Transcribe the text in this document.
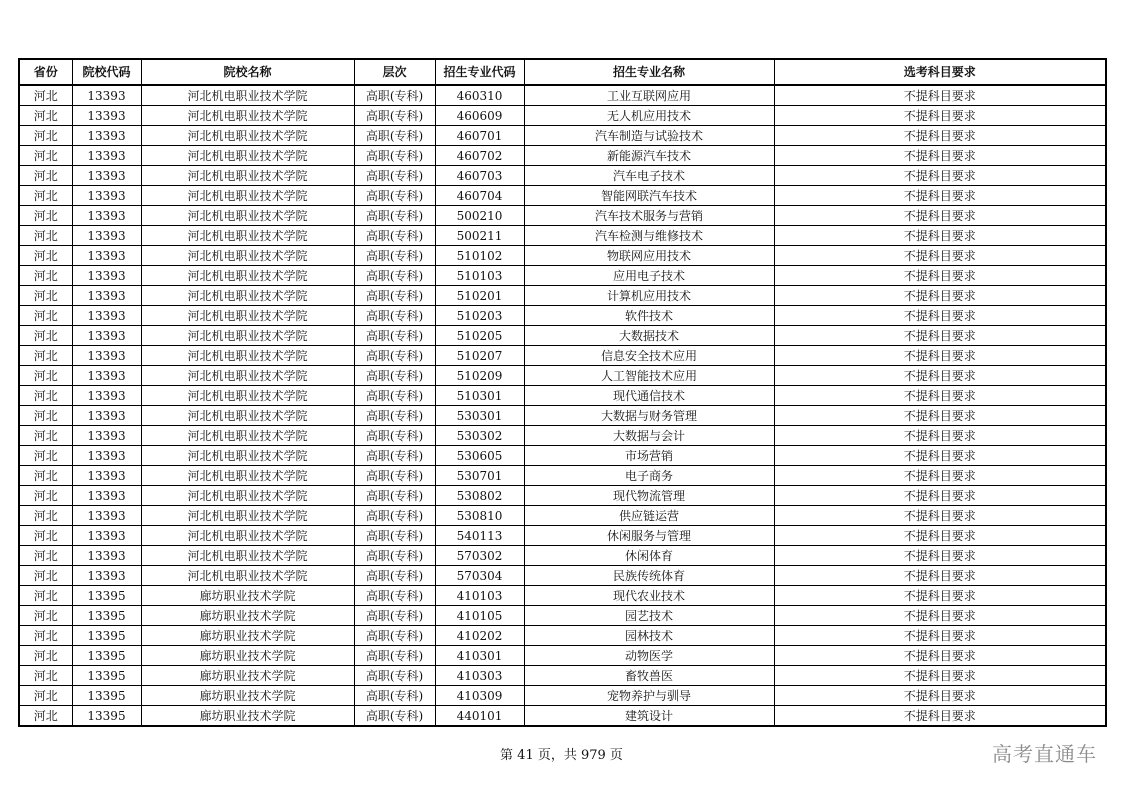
省份	院校代码	院校名称	层次	招生专业代码	招生专业名称	选考科目要求
河北	13393	河北机电职业技术学院	高职(专科)	460310	工业互联网应用	不提科目要求
河北	13393	河北机电职业技术学院	高职(专科)	460609	无人机应用技术	不提科目要求
河北	13393	河北机电职业技术学院	高职(专科)	460701	汽车制造与试验技术	不提科目要求
河北	13393	河北机电职业技术学院	高职(专科)	460702	新能源汽车技术	不提科目要求
河北	13393	河北机电职业技术学院	高职(专科)	460703	汽车电子技术	不提科目要求
河北	13393	河北机电职业技术学院	高职(专科)	460704	智能网联汽车技术	不提科目要求
河北	13393	河北机电职业技术学院	高职(专科)	500210	汽车技术服务与营销	不提科目要求
河北	13393	河北机电职业技术学院	高职(专科)	500211	汽车检测与维修技术	不提科目要求
河北	13393	河北机电职业技术学院	高职(专科)	510102	物联网应用技术	不提科目要求
河北	13393	河北机电职业技术学院	高职(专科)	510103	应用电子技术	不提科目要求
河北	13393	河北机电职业技术学院	高职(专科)	510201	计算机应用技术	不提科目要求
河北	13393	河北机电职业技术学院	高职(专科)	510203	软件技术	不提科目要求
河北	13393	河北机电职业技术学院	高职(专科)	510205	大数据技术	不提科目要求
河北	13393	河北机电职业技术学院	高职(专科)	510207	信息安全技术应用	不提科目要求
河北	13393	河北机电职业技术学院	高职(专科)	510209	人工智能技术应用	不提科目要求
河北	13393	河北机电职业技术学院	高职(专科)	510301	现代通信技术	不提科目要求
河北	13393	河北机电职业技术学院	高职(专科)	530301	大数据与财务管理	不提科目要求
河北	13393	河北机电职业技术学院	高职(专科)	530302	大数据与会计	不提科目要求
河北	13393	河北机电职业技术学院	高职(专科)	530605	市场营销	不提科目要求
河北	13393	河北机电职业技术学院	高职(专科)	530701	电子商务	不提科目要求
河北	13393	河北机电职业技术学院	高职(专科)	530802	现代物流管理	不提科目要求
河北	13393	河北机电职业技术学院	高职(专科)	530810	供应链运营	不提科目要求
河北	13393	河北机电职业技术学院	高职(专科)	540113	休闲服务与管理	不提科目要求
河北	13393	河北机电职业技术学院	高职(专科)	570302	休闲体育	不提科目要求
河北	13393	河北机电职业技术学院	高职(专科)	570304	民族传统体育	不提科目要求
河北	13395	廊坊职业技术学院	高职(专科)	410103	现代农业技术	不提科目要求
河北	13395	廊坊职业技术学院	高职(专科)	410105	园艺技术	不提科目要求
河北	13395	廊坊职业技术学院	高职(专科)	410202	园林技术	不提科目要求
河北	13395	廊坊职业技术学院	高职(专科)	410301	动物医学	不提科目要求
河北	13395	廊坊职业技术学院	高职(专科)	410303	畜牧兽医	不提科目要求
河北	13395	廊坊职业技术学院	高职(专科)	410309	宠物养护与驯导	不提科目要求
河北	13395	廊坊职业技术学院	高职(专科)	440101	建筑设计	不提科目要求
第 41 页，共 979 页	高考直通车
